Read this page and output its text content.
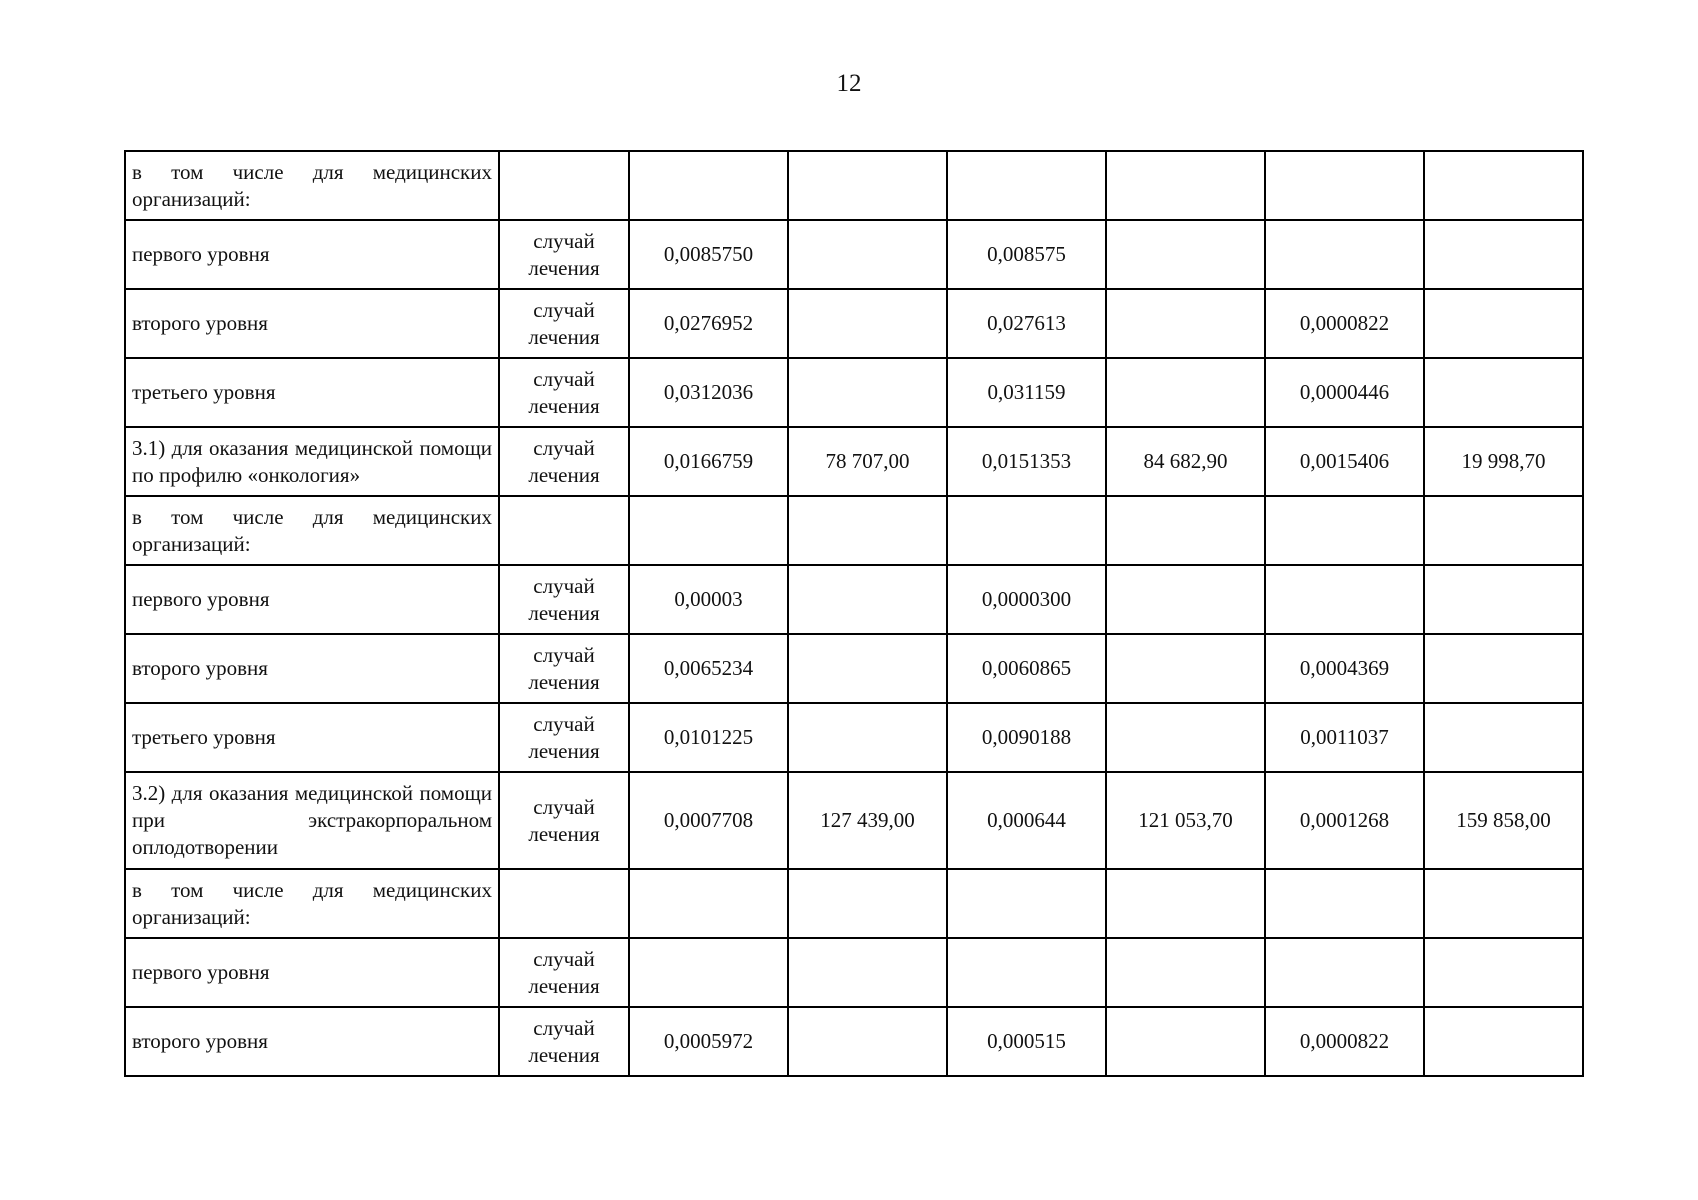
12
в том числе для медицинских организаций:							
первого уровня	случай лечения	0,0085750		0,008575			
второго уровня	случай лечения	0,0276952		0,027613		0,0000822	
третьего уровня	случай лечения	0,0312036		0,031159		0,0000446	
3.1) для оказания медицинской помощи по профилю «онкология»	случай лечения	0,0166759	78 707,00	0,0151353	84 682,90	0,0015406	19 998,70
в том числе для медицинских организаций:							
первого уровня	случай лечения	0,00003		0,0000300			
второго уровня	случай лечения	0,0065234		0,0060865		0,0004369	
третьего уровня	случай лечения	0,0101225		0,0090188		0,0011037	
3.2) для оказания медицинской помощи при экстракорпоральном оплодотворении	случай лечения	0,0007708	127 439,00	0,000644	121 053,70	0,0001268	159 858,00
в том числе для медицинских организаций:							
первого уровня	случай лечения						
второго уровня	случай лечения	0,0005972		0,000515		0,0000822	
